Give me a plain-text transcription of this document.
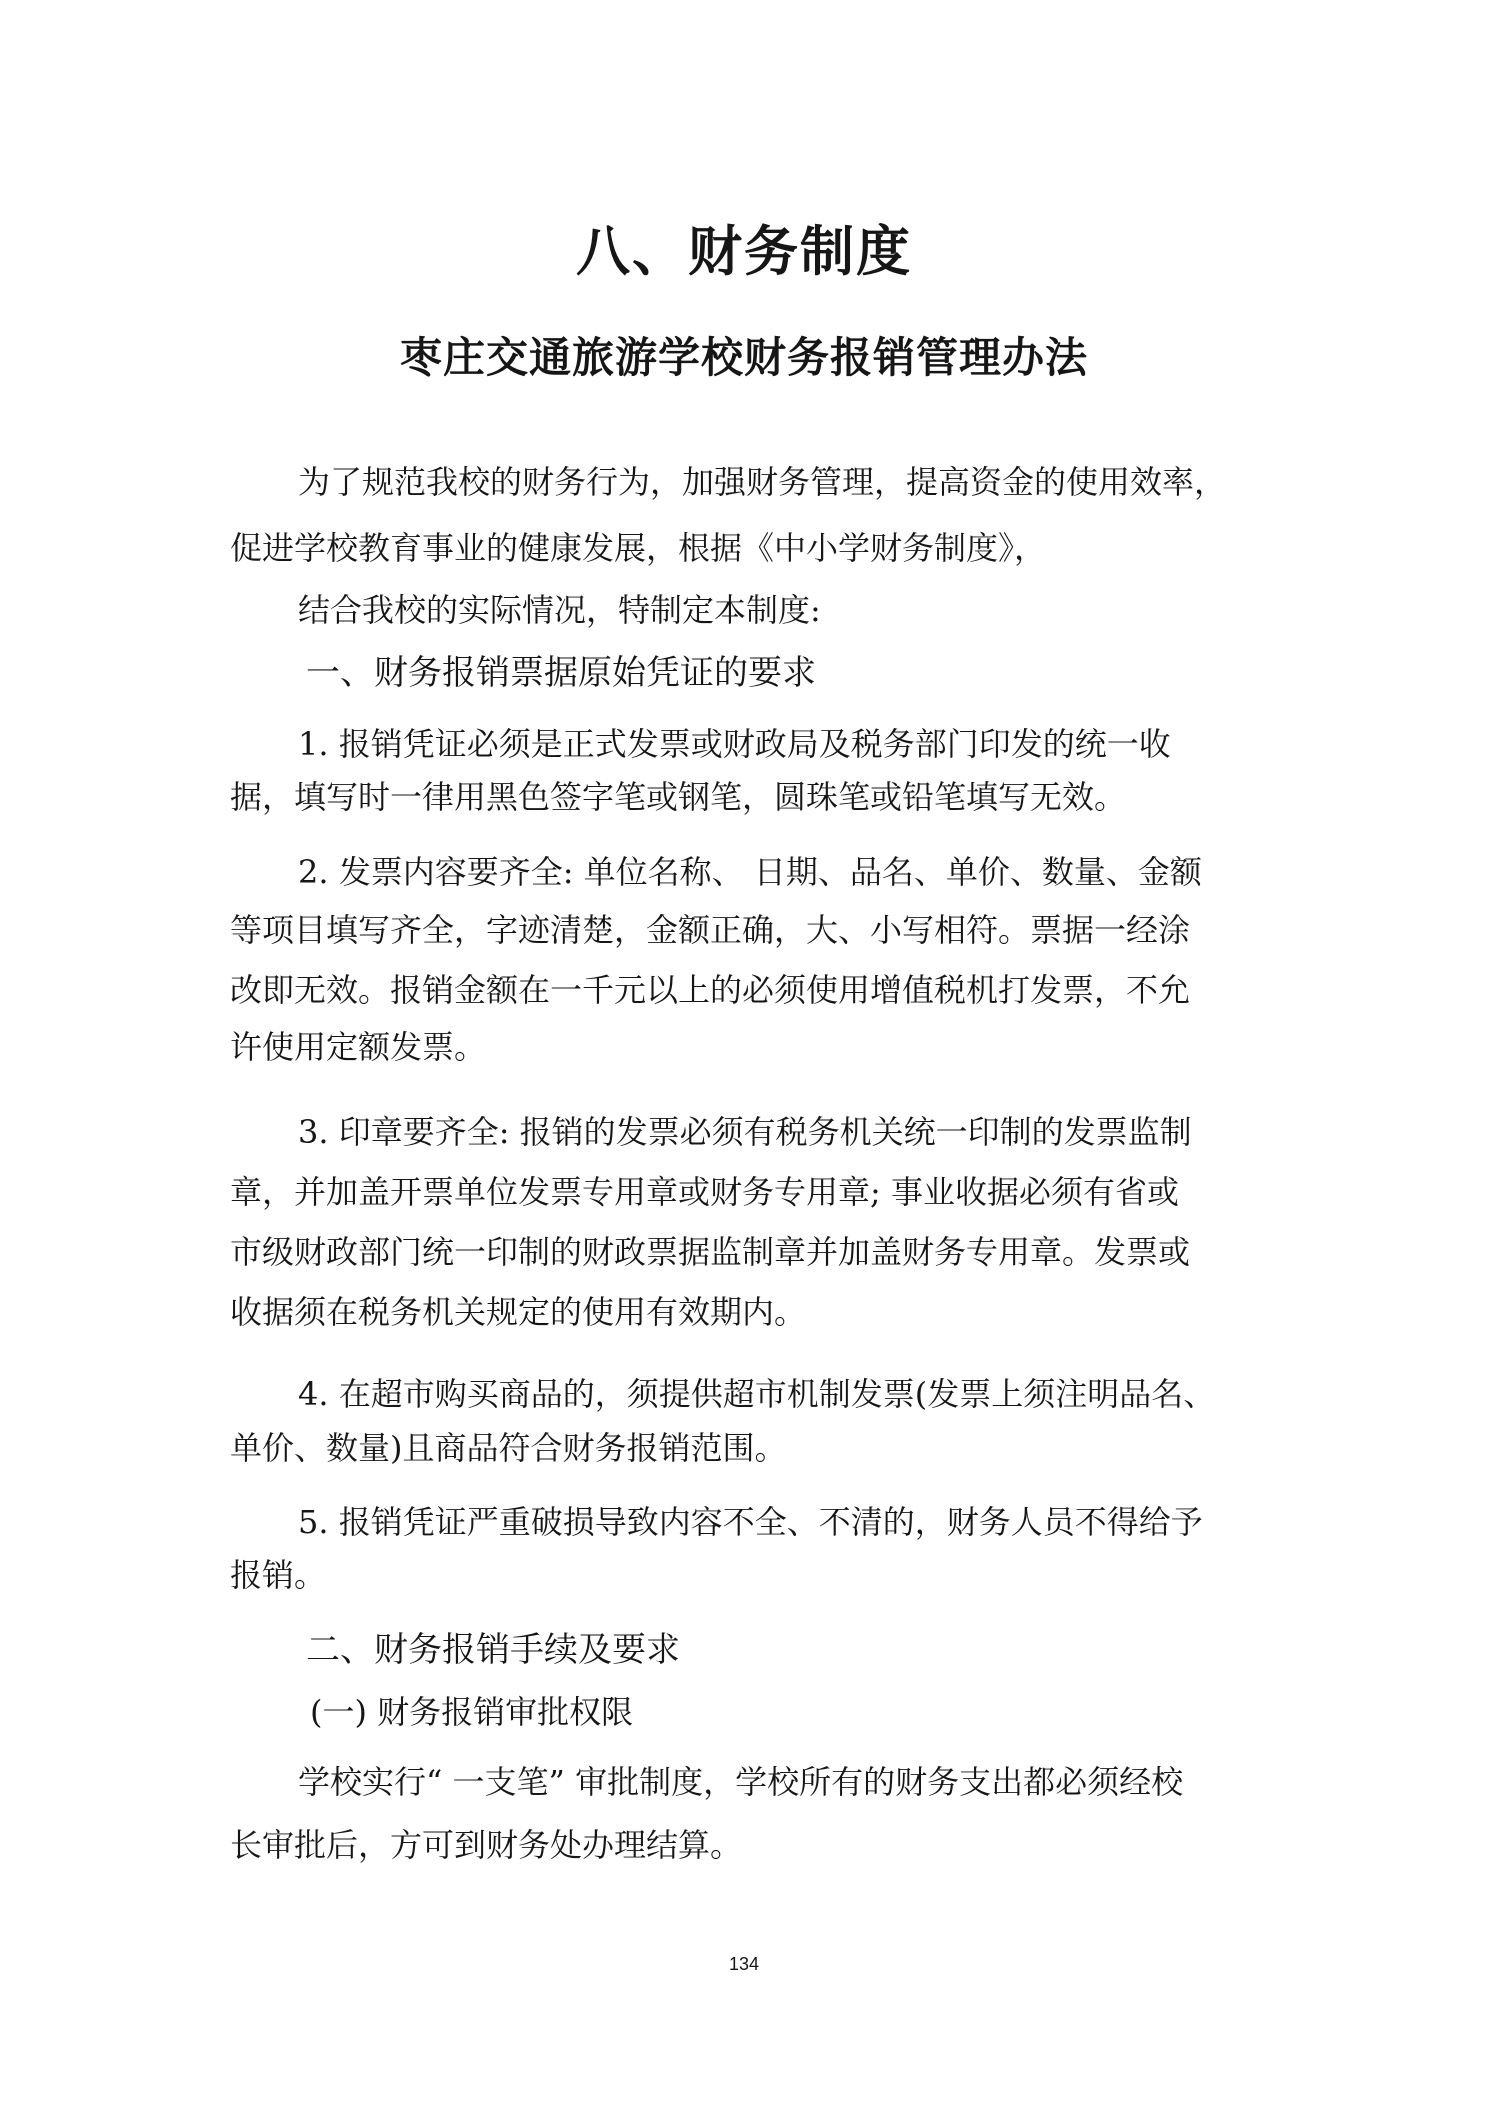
八、财务制度
枣庄交通旅游学校财务报销管理办法
为了规范我校的财务行为，加强财务管理，提高资金的使用效率，
促进学校教育事业的健康发展，根据《中小学财务制度》，
结合我校的实际情况，特制定本制度:
一、财务报销票据原始凭证的要求
1. 报销凭证必须是正式发票或财政局及税务部门印发的统一收
据，填写时一律用黑色签字笔或钢笔，圆珠笔或铅笔填写无效。
2. 发票内容要齐全: 单位名称、 日期、品名、单价、数量、金额
等项目填写齐全，字迹清楚，金额正确，大、小写相符。票据一经涂
改即无效。报销金额在一千元以上的必须使用增值税机打发票，不允
许使用定额发票。
3. 印章要齐全: 报销的发票必须有税务机关统一印制的发票监制
章，并加盖开票单位发票专用章或财务专用章; 事业收据必须有省或
市级财政部门统一印制的财政票据监制章并加盖财务专用章。发票或
收据须在税务机关规定的使用有效期内。
4. 在超市购买商品的，须提供超市机制发票(发票上须注明品名、
单价、数量)且商品符合财务报销范围。
5. 报销凭证严重破损导致内容不全、不清的，财务人员不得给予
报销。
二、财务报销手续及要求
(一) 财务报销审批权限
学校实行“ 一支笔” 审批制度，学校所有的财务支出都必须经校
长审批后，方可到财务处办理结算。
134
